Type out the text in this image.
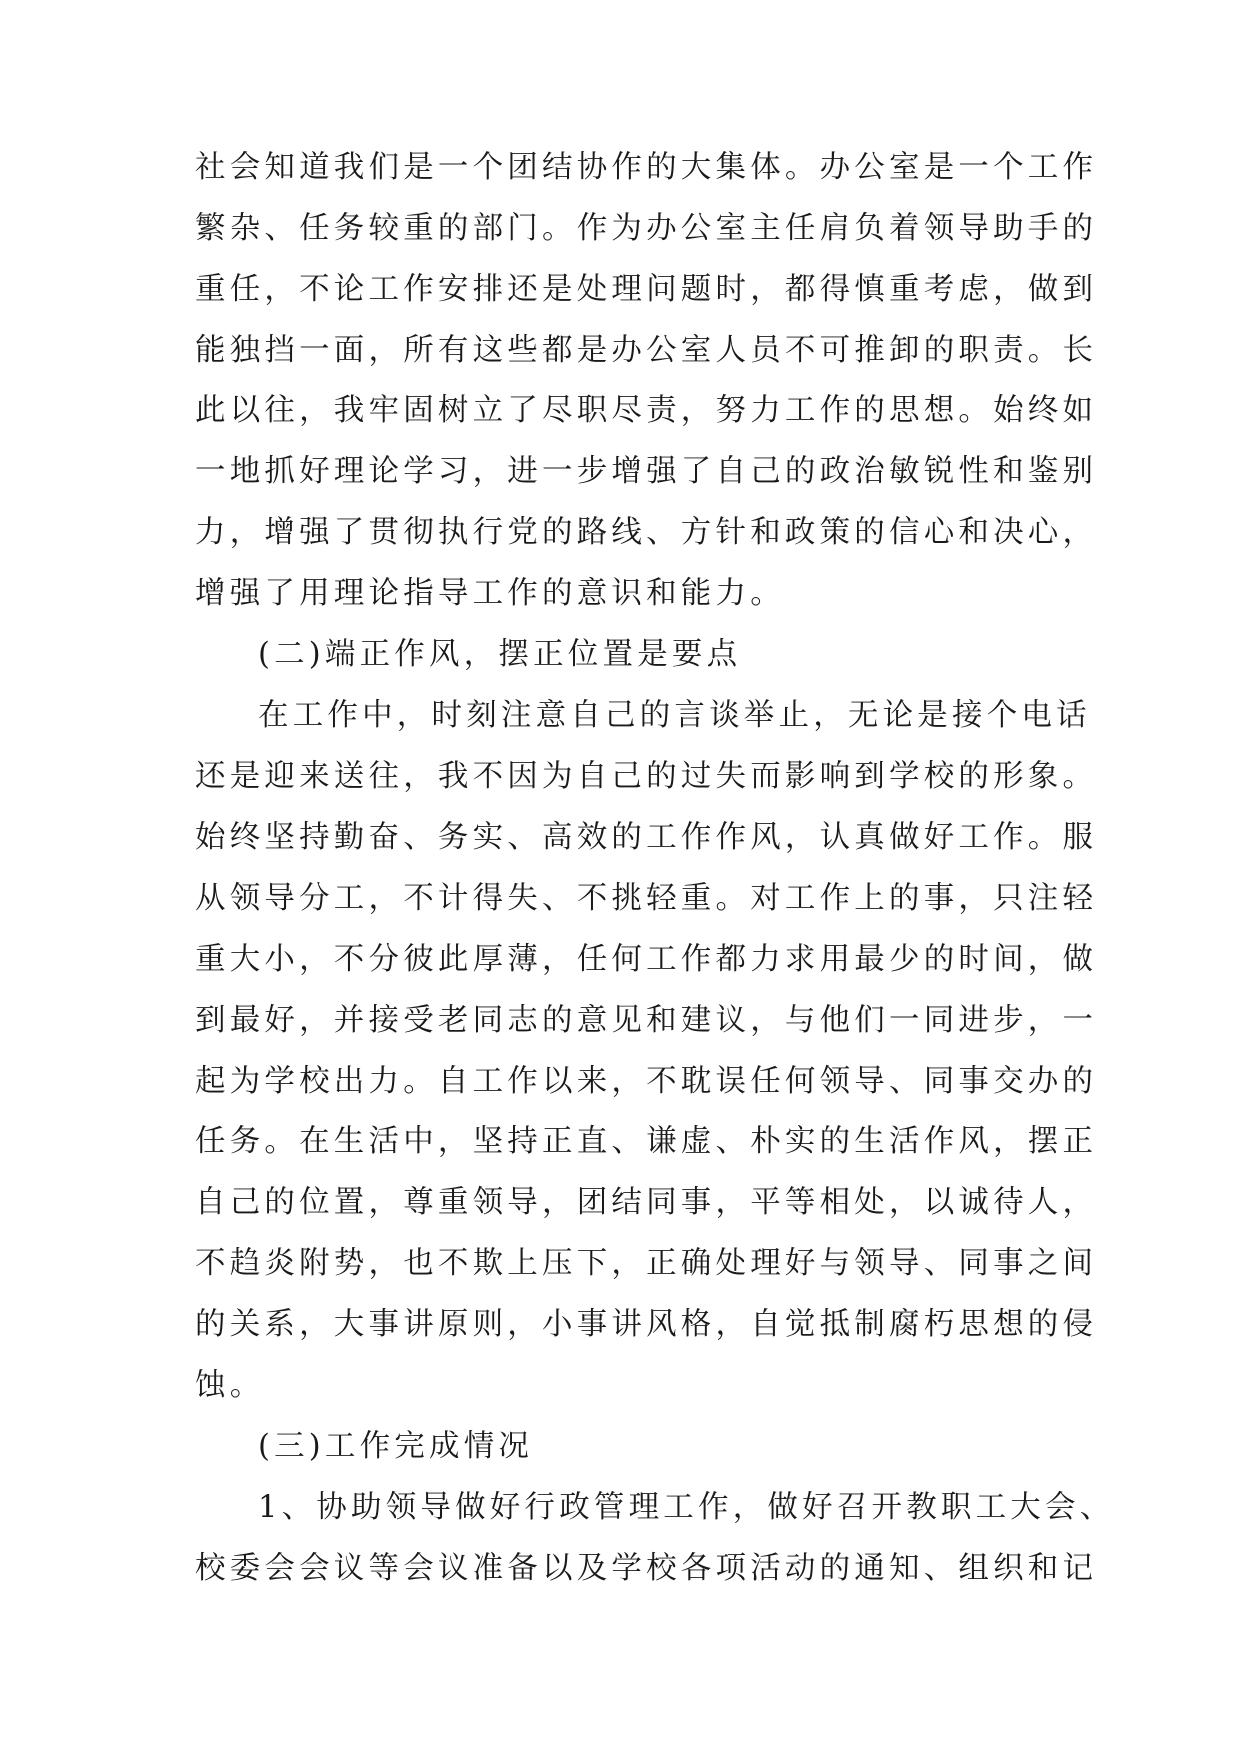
社会知道我们是一个团结协作的大集体。办公室是一个工作
繁杂、任务较重的部门。作为办公室主任肩负着领导助手的
重任，不论工作安排还是处理问题时，都得慎重考虑，做到
能独挡一面，所有这些都是办公室人员不可推卸的职责。长
此以往，我牢固树立了尽职尽责，努力工作的思想。始终如
一地抓好理论学习，进一步增强了自己的政治敏锐性和鉴别
力，增强了贯彻执行党的路线、方针和政策的信心和决心，
增强了用理论指导工作的意识和能力。
(二)端正作风，摆正位置是要点
在工作中，时刻注意自己的言谈举止，无论是接个电话
还是迎来送往，我不因为自己的过失而影响到学校的形象。
始终坚持勤奋、务实、高效的工作作风，认真做好工作。服
从领导分工，不计得失、不挑轻重。对工作上的事，只注轻
重大小，不分彼此厚薄，任何工作都力求用最少的时间，做
到最好，并接受老同志的意见和建议，与他们一同进步，一
起为学校出力。自工作以来，不耽误任何领导、同事交办的
任务。在生活中，坚持正直、谦虚、朴实的生活作风，摆正
自己的位置，尊重领导，团结同事，平等相处，以诚待人，
不趋炎附势，也不欺上压下，正确处理好与领导、同事之间
的关系，大事讲原则，小事讲风格，自觉抵制腐朽思想的侵
蚀。
(三)工作完成情况
1、协助领导做好行政管理工作，做好召开教职工大会、
校委会会议等会议准备以及学校各项活动的通知、组织和记
